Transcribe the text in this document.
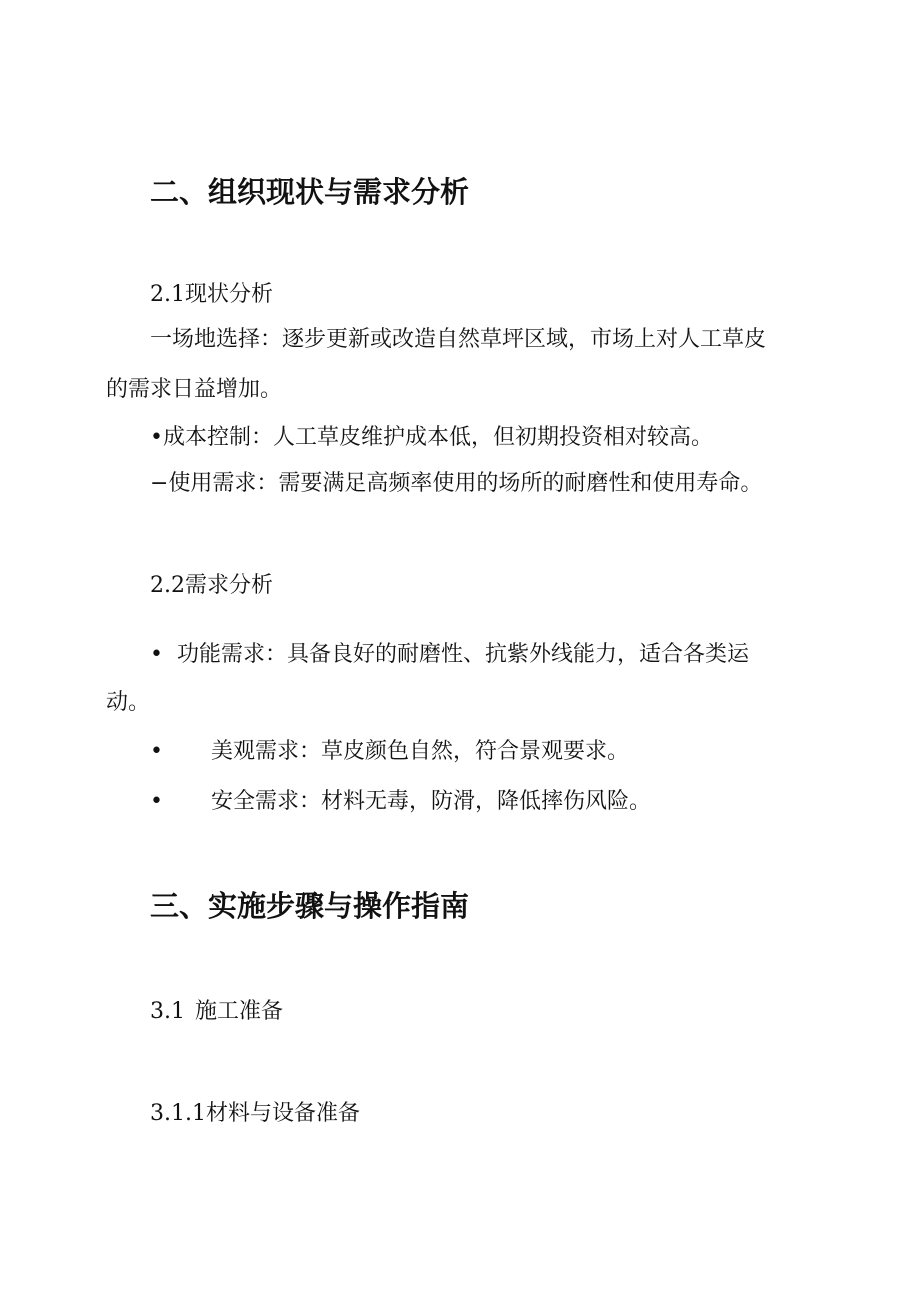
二、组织现状与需求分析
2.1现状分析
一场地选择：逐步更新或改造自然草坪区域，市场上对人工草皮
的需求日益增加。
•成本控制：人工草皮维护成本低，但初期投资相对较高。
−使用需求：需要满足高频率使用的场所的耐磨性和使用寿命。
2.2需求分析
• 功能需求：具备良好的耐磨性、抗紫外线能力，适合各类运
动。
• 美观需求：草皮颜色自然，符合景观要求。
• 安全需求：材料无毒，防滑，降低摔伤风险。
三、实施步骤与操作指南
3.1 施工准备
3.1.1材料与设备准备
